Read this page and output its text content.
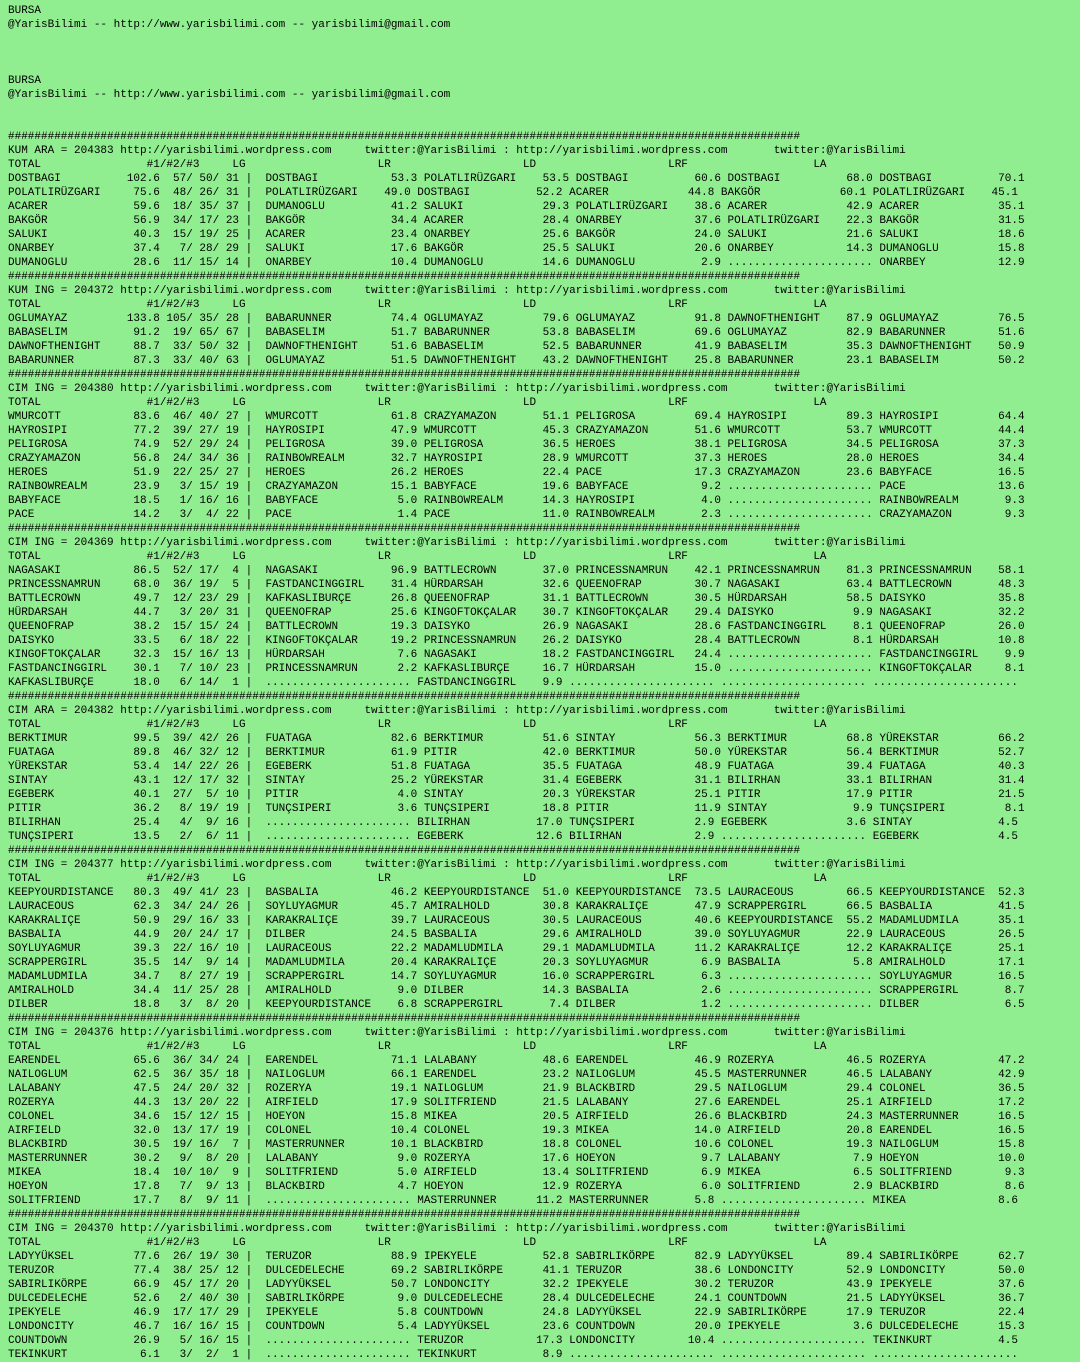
BURSA
@YarisBilimi -- http://www.yarisbilimi.com -- yarisbilimi@gmail.com

BURSA
@YarisBilimi -- http://www.yarisbilimi.com -- yarisbilimi@gmail.com

########################################################################################################################
KUM ARA = 204383 http://yarisbilimi.wordpress.com     twitter:@YarisBilimi : http://yarisbilimi.wordpress.com       twitter:@YarisBilimi
TOTAL                #1/#2/#3     LG                    LR                    LD                    LRF                   LA
DOSTBAGI          102.6  57/ 50/ 31 |  DOSTBAGI           53.3 POLATLIRÜZGARI    53.5 DOSTBAGI          60.6 DOSTBAGI          68.0 DOSTBAGI          70.1
POLATLIRÜZGARI     75.6  48/ 26/ 31 |  POLATLIRÜZGARI    49.0 DOSTBAGI          52.2 ACARER            44.8 BAKGÖR            60.1 POLATLIRÜZGARI    45.1
ACARER             59.6  18/ 35/ 37 |  DUMANOGLU          41.2 SALUKI            29.3 POLATLIRÜZGARI    38.6 ACARER            42.9 ACARER            35.1
BAKGÖR             56.9  34/ 17/ 23 |  BAKGÖR             34.4 ACARER            28.4 ONARBEY           37.6 POLATLIRÜZGARI    22.3 BAKGÖR            31.5
SALUKI             40.3  15/ 19/ 25 |  ACARER             23.4 ONARBEY           25.6 BAKGÖR            24.0 SALUKI            21.6 SALUKI            18.6
ONARBEY            37.4   7/ 28/ 29 |  SALUKI             17.6 BAKGÖR            25.5 SALUKI            20.6 ONARBEY           14.3 DUMANOGLU         15.8
DUMANOGLU          28.6  11/ 15/ 14 |  ONARBEY            10.4 DUMANOGLU         14.6 DUMANOGLU          2.9 ...................... ONARBEY           12.9
########################################################################################################################
KUM ING = 204372 http://yarisbilimi.wordpress.com     twitter:@YarisBilimi : http://yarisbilimi.wordpress.com       twitter:@YarisBilimi
TOTAL                #1/#2/#3     LG                    LR                    LD                    LRF                   LA
OGLUMAYAZ         133.8 105/ 35/ 28 |  BABARUNNER         74.4 OGLUMAYAZ         79.6 OGLUMAYAZ         91.8 DAWNOFTHENIGHT    87.9 OGLUMAYAZ         76.5
BABASELIM          91.2  19/ 65/ 67 |  BABASELIM          51.7 BABARUNNER        53.8 BABASELIM         69.6 OGLUMAYAZ         82.9 BABARUNNER        51.6
DAWNOFTHENIGHT     88.7  33/ 50/ 32 |  DAWNOFTHENIGHT     51.6 BABASELIM         52.5 BABARUNNER        41.9 BABASELIM         35.3 DAWNOFTHENIGHT    50.9
BABARUNNER         87.3  33/ 40/ 63 |  OGLUMAYAZ          51.5 DAWNOFTHENIGHT    43.2 DAWNOFTHENIGHT    25.8 BABARUNNER        23.1 BABASELIM         50.2
########################################################################################################################
CIM ING = 204380 http://yarisbilimi.wordpress.com     twitter:@YarisBilimi : http://yarisbilimi.wordpress.com       twitter:@YarisBilimi
TOTAL                #1/#2/#3     LG                    LR                    LD                    LRF                   LA
WMURCOTT           83.6  46/ 40/ 27 |  WMURCOTT           61.8 CRAZYAMAZON       51.1 PELIGROSA         69.4 HAYROSIPI         89.3 HAYROSIPI         64.4
HAYROSIPI          77.2  39/ 27/ 19 |  HAYROSIPI          47.9 WMURCOTT          45.3 CRAZYAMAZON       51.6 WMURCOTT          53.7 WMURCOTT          44.4
PELIGROSA          74.9  52/ 29/ 24 |  PELIGROSA          39.0 PELIGROSA         36.5 HEROES            38.1 PELIGROSA         34.5 PELIGROSA         37.3
CRAZYAMAZON        56.8  24/ 34/ 36 |  RAINBOWREALM       32.7 HAYROSIPI         28.9 WMURCOTT          37.3 HEROES            28.0 HEROES            34.4
HEROES             51.9  22/ 25/ 27 |  HEROES             26.2 HEROES            22.4 PACE              17.3 CRAZYAMAZON       23.6 BABYFACE          16.5
RAINBOWREALM       23.9   3/ 15/ 19 |  CRAZYAMAZON        15.1 BABYFACE          19.6 BABYFACE           9.2 ...................... PACE              13.6
BABYFACE           18.5   1/ 16/ 16 |  BABYFACE            5.0 RAINBOWREALM      14.3 HAYROSIPI          4.0 ...................... RAINBOWREALM       9.3
PACE               14.2   3/  4/ 22 |  PACE                1.4 PACE              11.0 RAINBOWREALM       2.3 ...................... CRAZYAMAZON        9.3
########################################################################################################################
CIM ING = 204369 http://yarisbilimi.wordpress.com     twitter:@YarisBilimi : http://yarisbilimi.wordpress.com       twitter:@YarisBilimi
TOTAL                #1/#2/#3     LG                    LR                    LD                    LRF                   LA
NAGASAKI           86.5  52/ 17/  4 |  NAGASAKI           96.9 BATTLECROWN       37.0 PRINCESSNAMRUN    42.1 PRINCESSNAMRUN    81.3 PRINCESSNAMRUN    58.1
PRINCESSNAMRUN     68.0  36/ 19/  5 |  FASTDANCINGGIRL    31.4 HÜRDARSAH         32.6 QUEENOFRAP        30.7 NAGASAKI          63.4 BATTLECROWN       48.3
BATTLECROWN        49.7  12/ 23/ 29 |  KAFKASLIBURÇE      26.8 QUEENOFRAP        31.1 BATTLECROWN       30.5 HÜRDARSAH         58.5 DAISYKO           35.8
HÜRDARSAH          44.7   3/ 20/ 31 |  QUEENOFRAP         25.6 KINGOFTOKÇALAR    30.7 KINGOFTOKÇALAR    29.4 DAISYKO            9.9 NAGASAKI          32.2
QUEENOFRAP         38.2  15/ 15/ 24 |  BATTLECROWN        19.3 DAISYKO           26.9 NAGASAKI          28.6 FASTDANCINGGIRL    8.1 QUEENOFRAP        26.0
DAISYKO            33.5   6/ 18/ 22 |  KINGOFTOKÇALAR     19.2 PRINCESSNAMRUN    26.2 DAISYKO           28.4 BATTLECROWN        8.1 HÜRDARSAH         10.8
KINGOFTOKÇALAR     32.3  15/ 16/ 13 |  HÜRDARSAH           7.6 NAGASAKI          18.2 FASTDANCINGGIRL   24.4 ...................... FASTDANCINGGIRL    9.9
FASTDANCINGGIRL    30.1   7/ 10/ 23 |  PRINCESSNAMRUN      2.2 KAFKASLIBURÇE     16.7 HÜRDARSAH         15.0 ...................... KINGOFTOKÇALAR     8.1
KAFKASLIBURÇE      18.0   6/ 14/  1 |  ...................... FASTDANCINGGIRL    9.9 ...................... ...................... ......................
########################################################################################################################
CIM ARA = 204382 http://yarisbilimi.wordpress.com     twitter:@YarisBilimi : http://yarisbilimi.wordpress.com       twitter:@YarisBilimi
TOTAL                #1/#2/#3     LG                    LR                    LD                    LRF                   LA
BERKTIMUR          99.5  39/ 42/ 26 |  FUATAGA            82.6 BERKTIMUR         51.6 SINTAY            56.3 BERKTIMUR         68.8 YÜREKSTAR         66.2
FUATAGA            89.8  46/ 32/ 12 |  BERKTIMUR          61.9 PITIR             42.0 BERKTIMUR         50.0 YÜREKSTAR         56.4 BERKTIMUR         52.7
YÜREKSTAR          53.4  14/ 22/ 26 |  EGEBERK            51.8 FUATAGA           35.5 FUATAGA           48.9 FUATAGA           39.4 FUATAGA           40.3
SINTAY             43.1  12/ 17/ 32 |  SINTAY             25.2 YÜREKSTAR         31.4 EGEBERK           31.1 BILIRHAN          33.1 BILIRHAN          31.4
EGEBERK            40.1  27/  5/ 10 |  PITIR               4.0 SINTAY            20.3 YÜREKSTAR         25.1 PITIR             17.9 PITIR             21.5
PITIR              36.2   8/ 19/ 19 |  TUNÇSIPERI          3.6 TUNÇSIPERI        18.8 PITIR             11.9 SINTAY             9.9 TUNÇSIPERI         8.1
BILIRHAN           25.4   4/  9/ 16 |  ...................... BILIRHAN          17.0 TUNÇSIPERI         2.9 EGEBERK            3.6 SINTAY             4.5
TUNÇSIPERI         13.5   2/  6/ 11 |  ...................... EGEBERK           12.6 BILIRHAN           2.9 ...................... EGEBERK            4.5
########################################################################################################################
CIM ING = 204377 http://yarisbilimi.wordpress.com     twitter:@YarisBilimi : http://yarisbilimi.wordpress.com       twitter:@YarisBilimi
TOTAL                #1/#2/#3     LG                    LR                    LD                    LRF                   LA
KEEPYOURDISTANCE   80.3  49/ 41/ 23 |  BASBALIA           46.2 KEEPYOURDISTANCE  51.0 KEEPYOURDISTANCE  73.5 LAURACEOUS        66.5 KEEPYOURDISTANCE  52.3
LAURACEOUS         62.3  34/ 24/ 26 |  SOYLUYAGMUR        45.7 AMIRALHOLD        30.8 KARAKRALIÇE       47.9 SCRAPPERGIRL      66.5 BASBALIA          41.5
KARAKRALIÇE        50.9  29/ 16/ 33 |  KARAKRALIÇE        39.7 LAURACEOUS        30.5 LAURACEOUS        40.6 KEEPYOURDISTANCE  55.2 MADAMLUDMILA      35.1
BASBALIA           44.9  20/ 24/ 17 |  DILBER             24.5 BASBALIA          29.6 AMIRALHOLD        39.0 SOYLUYAGMUR       22.9 LAURACEOUS        26.5
SOYLUYAGMUR        39.3  22/ 16/ 10 |  LAURACEOUS         22.2 MADAMLUDMILA      29.1 MADAMLUDMILA      11.2 KARAKRALIÇE       12.2 KARAKRALIÇE       25.1
SCRAPPERGIRL       35.5  14/  9/ 14 |  MADAMLUDMILA       20.4 KARAKRALIÇE       20.3 SOYLUYAGMUR        6.9 BASBALIA           5.8 AMIRALHOLD        17.1
MADAMLUDMILA       34.7   8/ 27/ 19 |  SCRAPPERGIRL       14.7 SOYLUYAGMUR       16.0 SCRAPPERGIRL       6.3 ...................... SOYLUYAGMUR       16.5
AMIRALHOLD         34.4  11/ 25/ 28 |  AMIRALHOLD          9.0 DILBER            14.3 BASBALIA           2.6 ...................... SCRAPPERGIRL       8.7
DILBER             18.8   3/  8/ 20 |  KEEPYOURDISTANCE    6.8 SCRAPPERGIRL       7.4 DILBER             1.2 ...................... DILBER             6.5
########################################################################################################################
CIM ING = 204376 http://yarisbilimi.wordpress.com     twitter:@YarisBilimi : http://yarisbilimi.wordpress.com       twitter:@YarisBilimi
TOTAL                #1/#2/#3     LG                    LR                    LD                    LRF                   LA
EARENDEL           65.6  36/ 34/ 24 |  EARENDEL           71.1 LALABANY          48.6 EARENDEL          46.9 ROZERYA           46.5 ROZERYA           47.2
NAILOGLUM          62.5  36/ 35/ 18 |  NAILOGLUM          66.1 EARENDEL          23.2 NAILOGLUM         45.5 MASTERRUNNER      46.5 LALABANY          42.9
LALABANY           47.5  24/ 20/ 32 |  ROZERYA            19.1 NAILOGLUM         21.9 BLACKBIRD         29.5 NAILOGLUM         29.4 COLONEL           36.5
ROZERYA            44.3  13/ 20/ 22 |  AIRFIELD           17.9 SOLITFRIEND       21.5 LALABANY          27.6 EARENDEL          25.1 AIRFIELD          17.2
COLONEL            34.6  15/ 12/ 15 |  HOEYON             15.8 MIKEA             20.5 AIRFIELD          26.6 BLACKBIRD         24.3 MASTERRUNNER      16.5
AIRFIELD           32.0  13/ 17/ 19 |  COLONEL            10.4 COLONEL           19.3 MIKEA             14.0 AIRFIELD          20.8 EARENDEL          16.5
BLACKBIRD          30.5  19/ 16/  7 |  MASTERRUNNER       10.1 BLACKBIRD         18.8 COLONEL           10.6 COLONEL           19.3 NAILOGLUM         15.8
MASTERRUNNER       30.2   9/  8/ 20 |  LALABANY            9.0 ROZERYA           17.6 HOEYON             9.7 LALABANY           7.9 HOEYON            10.0
MIKEA              18.4  10/ 10/  9 |  SOLITFRIEND         5.0 AIRFIELD          13.4 SOLITFRIEND        6.9 MIKEA              6.5 SOLITFRIEND        9.3
HOEYON             17.8   7/  9/ 13 |  BLACKBIRD           4.7 HOEYON            12.9 ROZERYA            6.0 SOLITFRIEND        2.9 BLACKBIRD          8.6
SOLITFRIEND        17.7   8/  9/ 11 |  ...................... MASTERRUNNER      11.2 MASTERRUNNER       5.8 ...................... MIKEA              8.6
########################################################################################################################
CIM ING = 204370 http://yarisbilimi.wordpress.com     twitter:@YarisBilimi : http://yarisbilimi.wordpress.com       twitter:@YarisBilimi
TOTAL                #1/#2/#3     LG                    LR                    LD                    LRF                   LA
LADYYÜKSEL         77.6  26/ 19/ 30 |  TERUZOR            88.9 IPEKYELE          52.8 SABIRLIKÖRPE      82.9 LADYYÜKSEL        89.4 SABIRLIKÖRPE      62.7
TERUZOR            77.4  38/ 25/ 12 |  DULCEDELECHE       69.2 SABIRLIKÖRPE      41.1 TERUZOR           38.6 LONDONCITY        52.9 LONDONCITY        50.0
SABIRLIKÖRPE       66.9  45/ 17/ 20 |  LADYYÜKSEL         50.7 LONDONCITY        32.2 IPEKYELE          30.2 TERUZOR           43.9 IPEKYELE          37.6
DULCEDELECHE       52.6   2/ 40/ 30 |  SABIRLIKÖRPE        9.0 DULCEDELECHE      28.4 DULCEDELECHE      24.1 COUNTDOWN         21.5 LADYYÜKSEL        36.7
IPEKYELE           46.9  17/ 17/ 29 |  IPEKYELE            5.8 COUNTDOWN         24.8 LADYYÜKSEL        22.9 SABIRLIKÖRPE      17.9 TERUZOR           22.4
LONDONCITY         46.7  16/ 16/ 15 |  COUNTDOWN           5.4 LADYYÜKSEL        23.6 COUNTDOWN         20.0 IPEKYELE           3.6 DULCEDELECHE      15.3
COUNTDOWN          26.9   5/ 16/ 15 |  ...................... TERUZOR           17.3 LONDONCITY        10.4 ...................... TEKINKURT          4.5
TEKINKURT           6.1   3/  2/  1 |  ...................... TEKINKURT          8.9 ...................... ...................... ......................
